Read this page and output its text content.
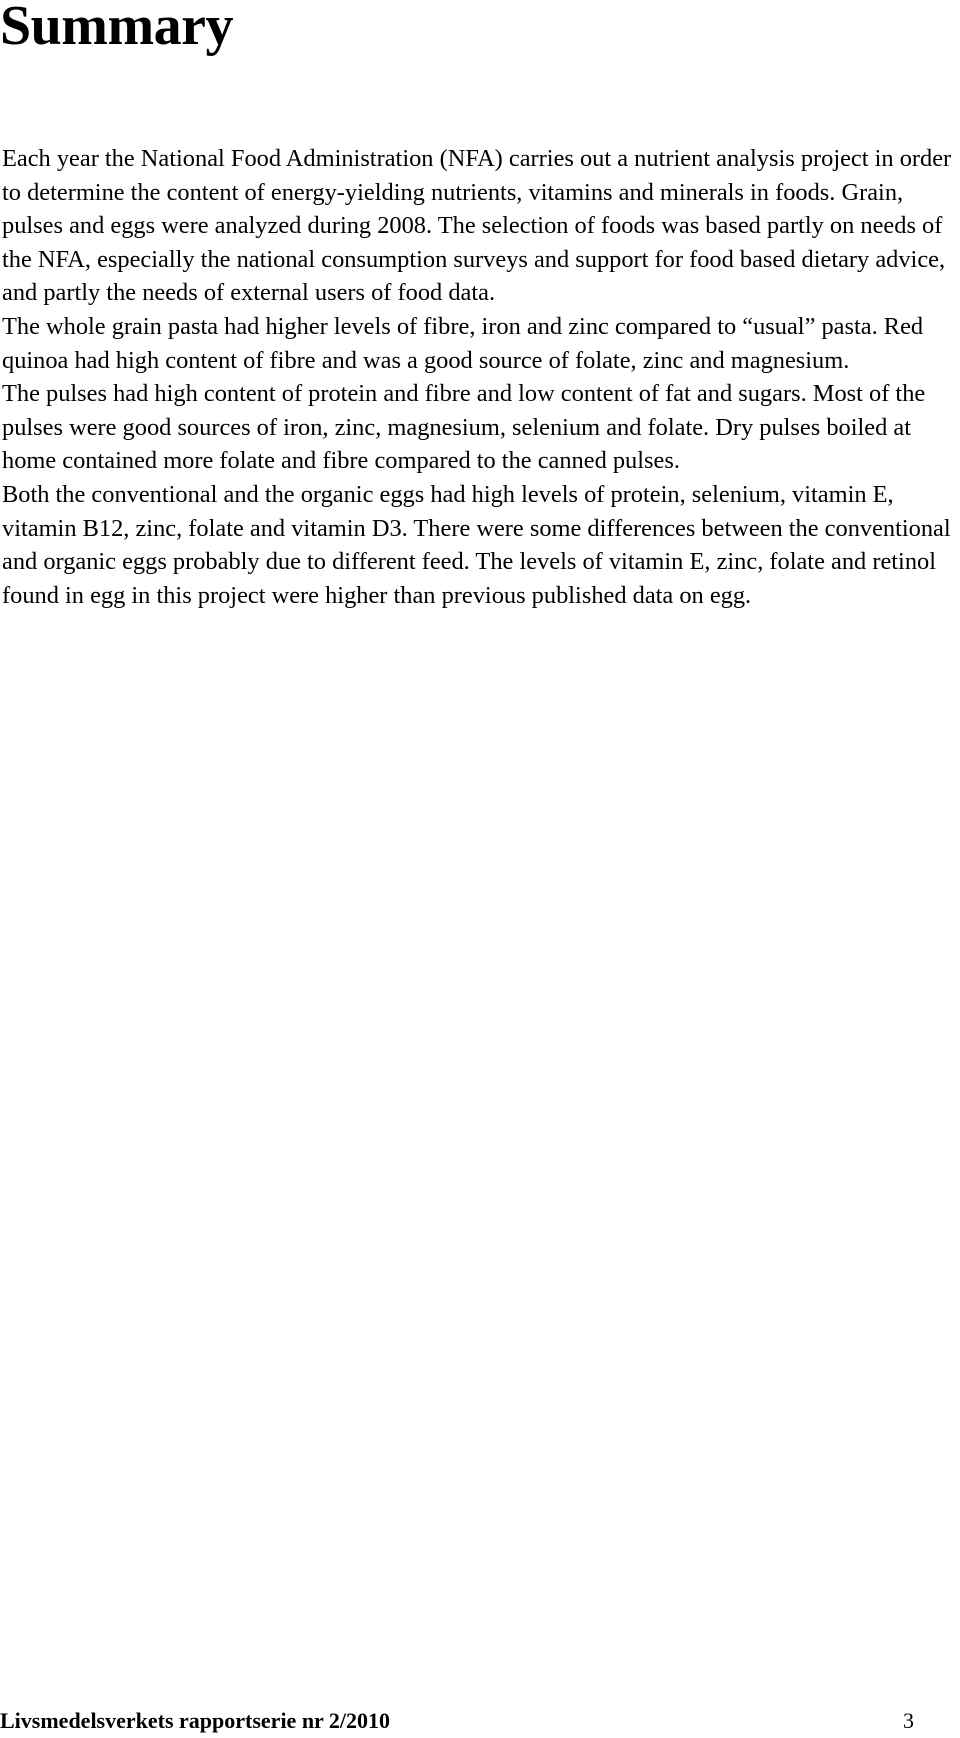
Summary

Each year the National Food Administration (NFA) carries out a nutrient analysis project in order to determine the content of energy-yielding nutrients, vitamins and minerals in foods. Grain, pulses and eggs were analyzed during 2008. The selection of foods was based partly on needs of the NFA, especially the national consumption surveys and support for food based dietary advice, and partly the needs of external users of food data.

The whole grain pasta had higher levels of fibre, iron and zinc compared to “usual” pasta. Red quinoa had high content of fibre and was a good source of folate, zinc and magnesium.

The pulses had high content of protein and fibre and low content of fat and sugars. Most of the pulses were good sources of iron, zinc, magnesium, selenium and folate. Dry pulses boiled at home contained more folate and fibre compared to the canned pulses.

Both the conventional and the organic eggs had high levels of protein, selenium, vitamin E, vitamin B12, zinc, folate and vitamin D3. There were some differences between the conventional and organic eggs probably due to different feed. The levels of vitamin E, zinc, folate and retinol found in egg in this project were higher than previous published data on egg.

Livsmedelsverkets rapportserie nr 2/2010	3
